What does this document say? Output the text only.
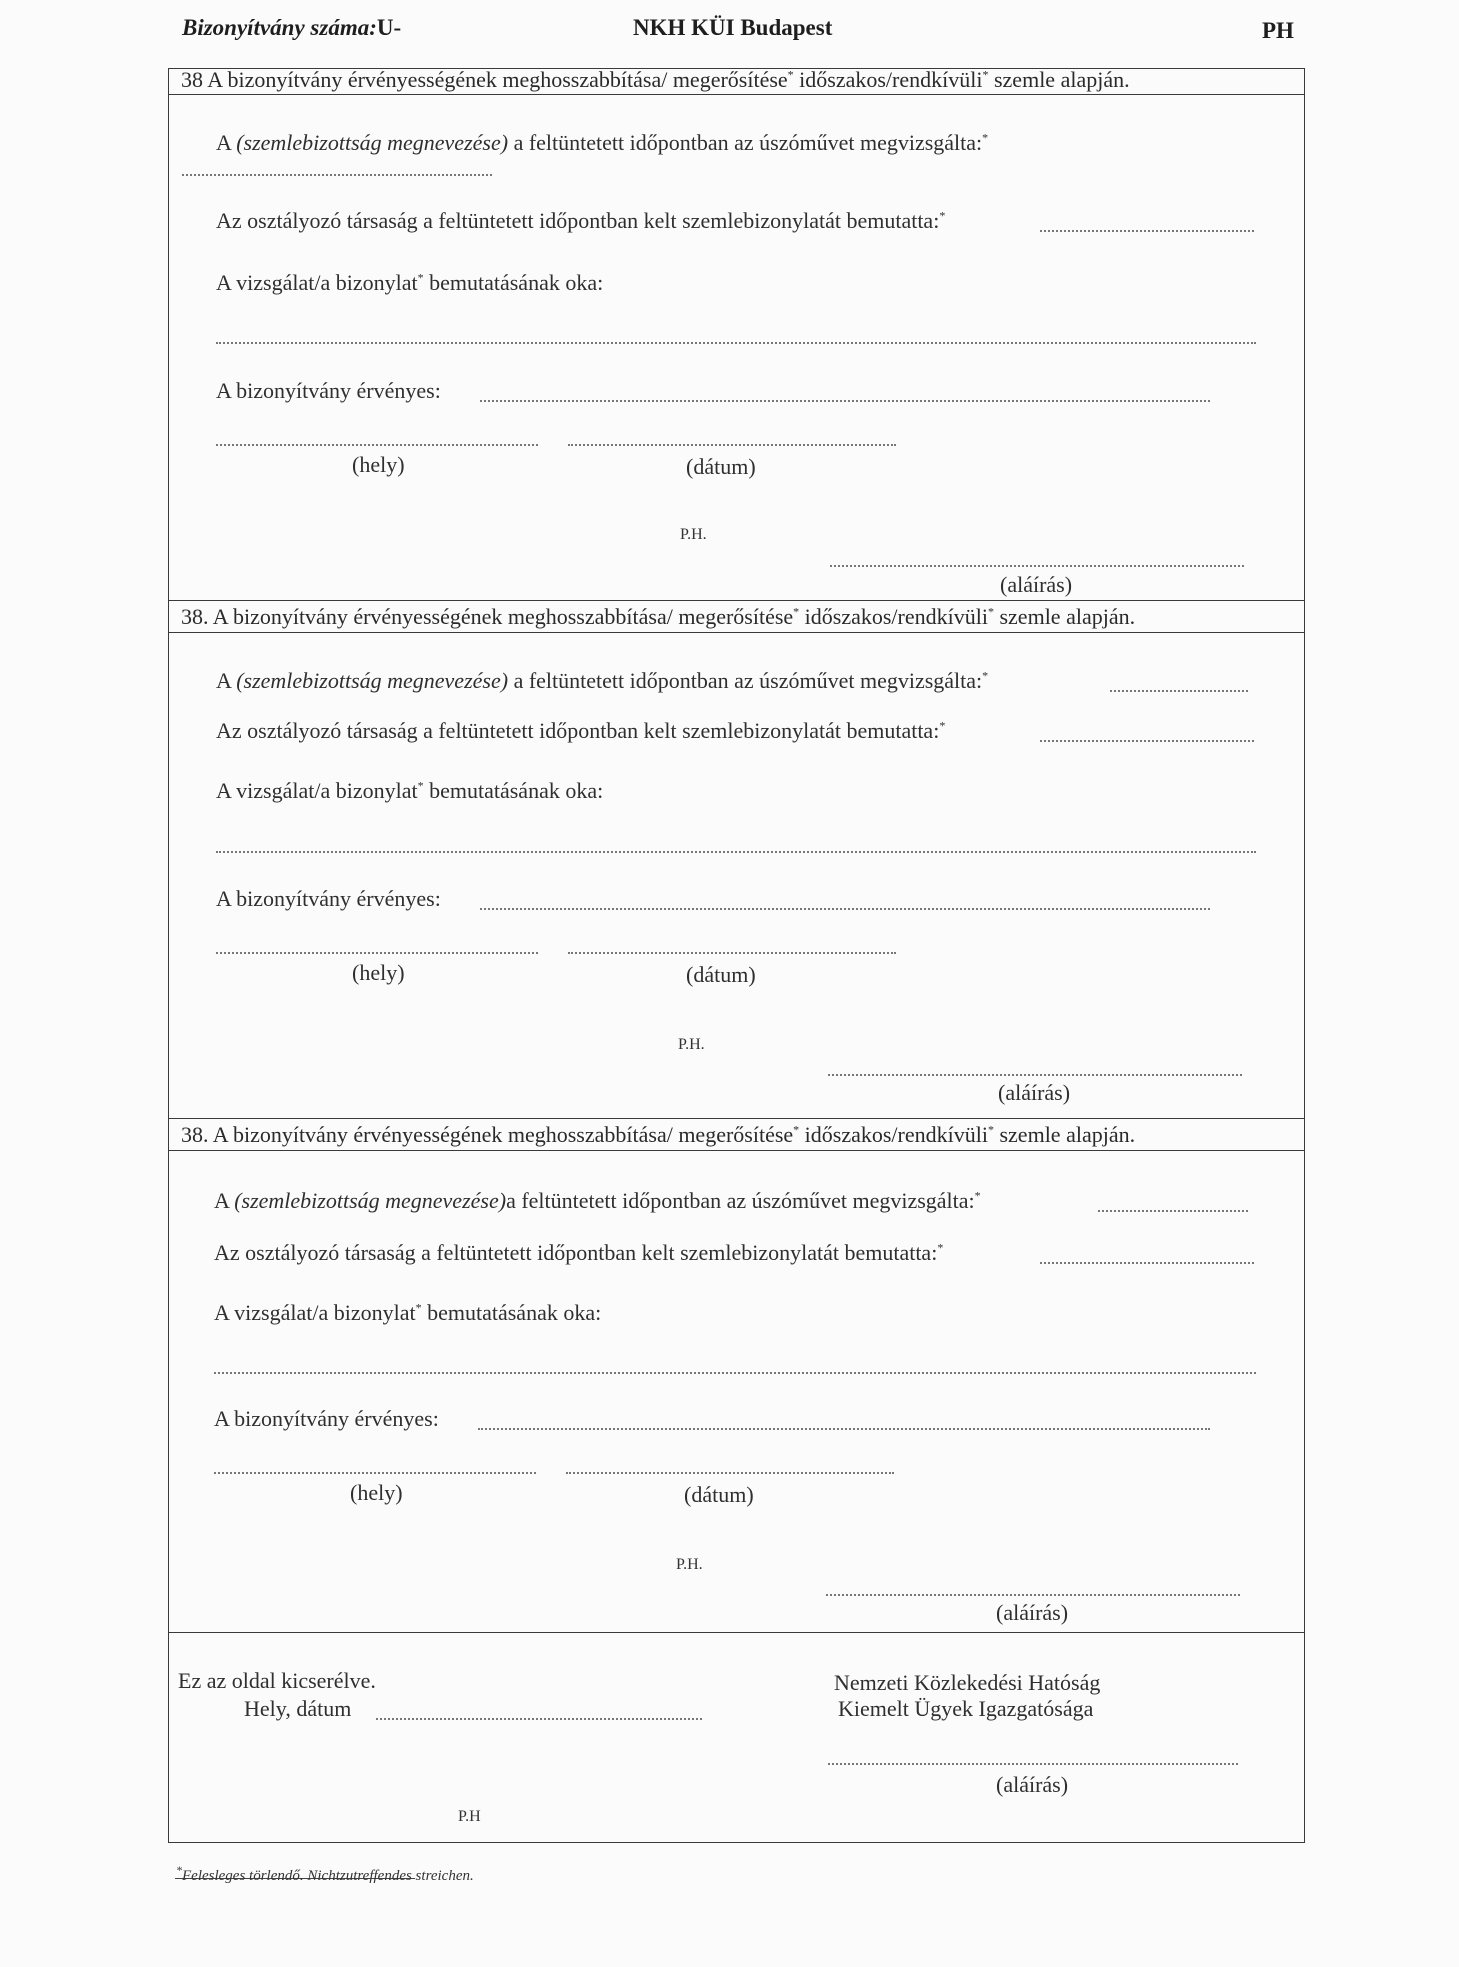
Bizonyítvány száma:U-	NKH KÜI Budapest	PH
38 A bizonyítvány érvényességének meghosszabbítása/ megerősítése* időszakos/rendkívüli* szemle alapján.
A (szemlebizottság megnevezése) a feltüntetett időpontban az úszóművet megvizsgálta:*
Az osztályozó társaság a feltüntetett időpontban kelt szemlebizonylatát bemutatta:*
A vizsgálat/a bizonylat* bemutatásának oka:
A bizonyítvány érvényes:
(hely)	(dátum)
P.H.
(aláírás)
38. A bizonyítvány érvényességének meghosszabbítása/ megerősítése* időszakos/rendkívüli* szemle alapján.
A (szemlebizottság megnevezése) a feltüntetett időpontban az úszóművet megvizsgálta:*
Az osztályozó társaság a feltüntetett időpontban kelt szemlebizonylatát bemutatta:*
A vizsgálat/a bizonylat* bemutatásának oka:
A bizonyítvány érvényes:
(hely)	(dátum)
P.H.
(aláírás)
38. A bizonyítvány érvényességének meghosszabbítása/ megerősítése* időszakos/rendkívüli* szemle alapján.
A (szemlebizottság megnevezése)a feltüntetett időpontban az úszóművet megvizsgálta:*
Az osztályozó társaság a feltüntetett időpontban kelt szemlebizonylatát bemutatta:*
A vizsgálat/a bizonylat* bemutatásának oka:
A bizonyítvány érvényes:
(hely)	(dátum)
P.H.
(aláírás)
Ez az oldal kicserélve.
Hely, dátum
P.H
Nemzeti Közlekedési Hatóság
Kiemelt Ügyek Igazgatósága
(aláírás)
*Felesleges törlendő. Nichtzutreffendes streichen.
